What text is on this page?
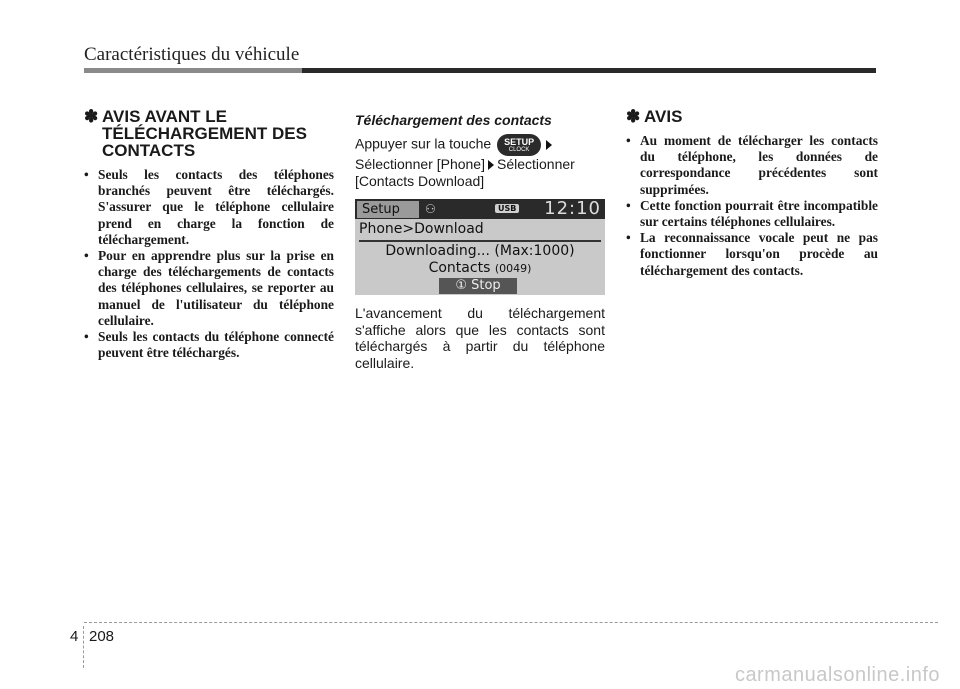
Caractéristiques du véhicule
✽ AVIS AVANT LE
TÉLÉCHARGEMENT DES
CONTACTS
• Seuls les contacts des téléphones branchés peuvent être téléchargés. S'assurer que le téléphone cellulaire prend en charge la fonction de téléchargement.
• Pour en apprendre plus sur la prise en charge des téléchargements de contacts des téléphones cellulaires, se reporter au manuel de l'utilisateur du téléphone cellulaire.
• Seuls les contacts du téléphone connecté peuvent être téléchargés.
Téléchargement des contacts

Appuyer sur la touche SETUP
CLOCK

Sélectionner [Phone] Sélectionner
[Contacts Download]

Setup	⚇	USB 12:10
Phone>Download
Downloading... (Max:1000)
Contacts (0049)
① Stop

L'avancement du téléchargement s'affiche alors que les contacts sont téléchargés à partir du téléphone cellulaire.

✽ AVIS
• Au moment de télécharger les contacts du téléphone, les données de correspondance précédentes sont supprimées.
• Cette fonction pourrait être incompatible sur certains téléphones cellulaires.
• La reconnaissance vocale peut ne pas fonctionner lorsqu'on procède au téléchargement des contacts.
4 208
carmanualsonline.info
